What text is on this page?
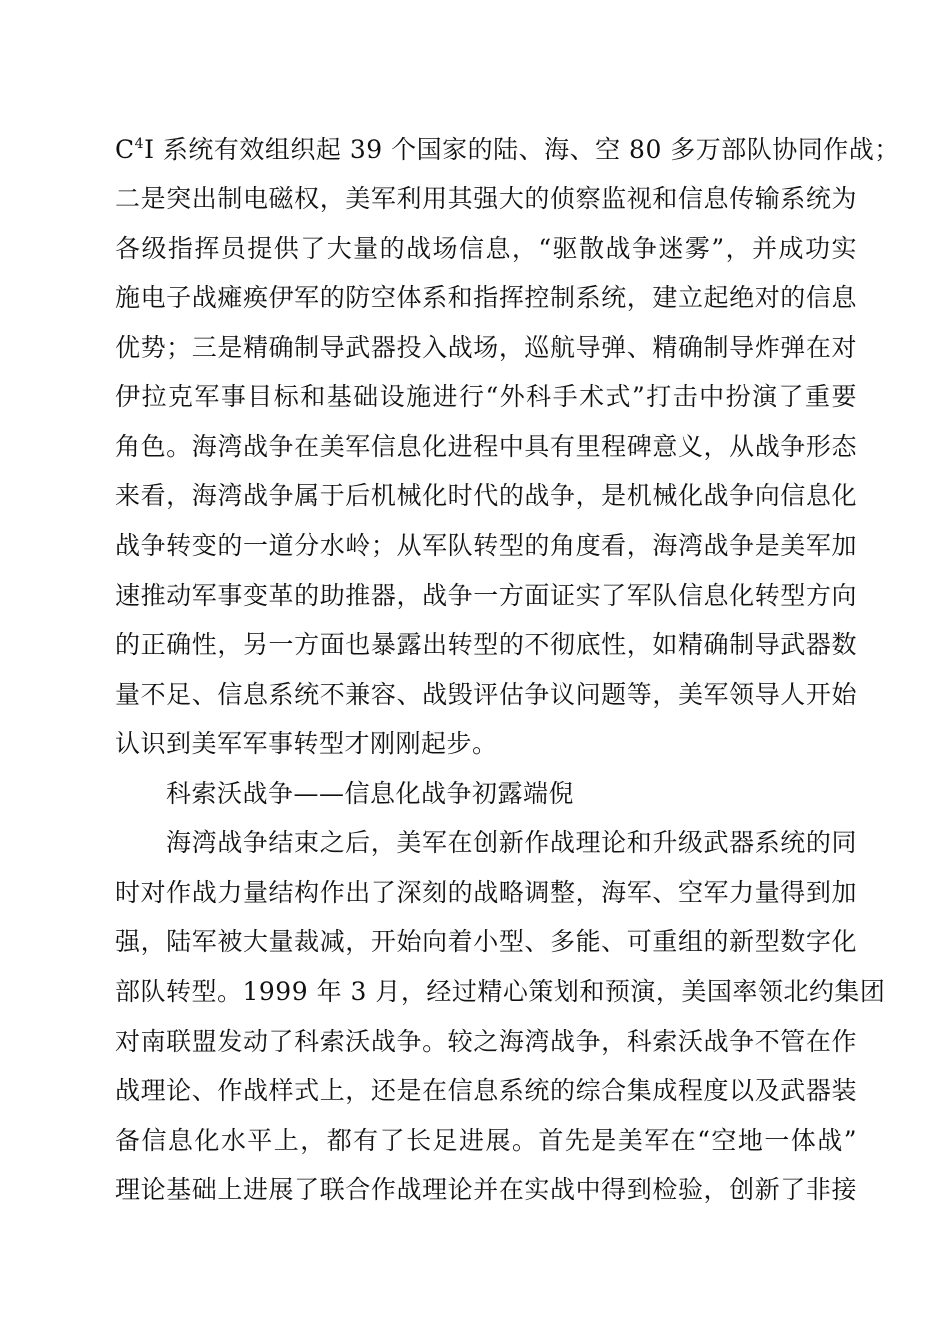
$C^4I$ 系统有效组织起 39 个国家的陆、海、空 80 多万部队协同作战；
二是突出制电磁权，美军利用其强大的侦察监视和信息传输系统为
各级指挥员提供了大量的战场信息，“驱散战争迷雾”，并成功实
施电子战瘫痪伊军的防空体系和指挥控制系统，建立起绝对的信息
优势；三是精确制导武器投入战场，巡航导弹、精确制导炸弹在对
伊拉克军事目标和基础设施进行“外科手术式”打击中扮演了重要
角色。海湾战争在美军信息化进程中具有里程碑意义，从战争形态
来看，海湾战争属于后机械化时代的战争，是机械化战争向信息化
战争转变的一道分水岭；从军队转型的角度看，海湾战争是美军加
速推动军事变革的助推器，战争一方面证实了军队信息化转型方向
的正确性，另一方面也暴露出转型的不彻底性，如精确制导武器数
量不足、信息系统不兼容、战毁评估争议问题等，美军领导人开始
认识到美军军事转型才刚刚起步。
科索沃战争——信息化战争初露端倪
海湾战争结束之后，美军在创新作战理论和升级武器系统的同
时对作战力量结构作出了深刻的战略调整，海军、空军力量得到加
强，陆军被大量裁减，开始向着小型、多能、可重组的新型数字化
部队转型。1999 年 3 月，经过精心策划和预演，美国率领北约集团
对南联盟发动了科索沃战争。较之海湾战争，科索沃战争不管在作
战理论、作战样式上，还是在信息系统的综合集成程度以及武器装
备信息化水平上，都有了长足进展。首先是美军在“空地一体战”
理论基础上进展了联合作战理论并在实战中得到检验，创新了非接
